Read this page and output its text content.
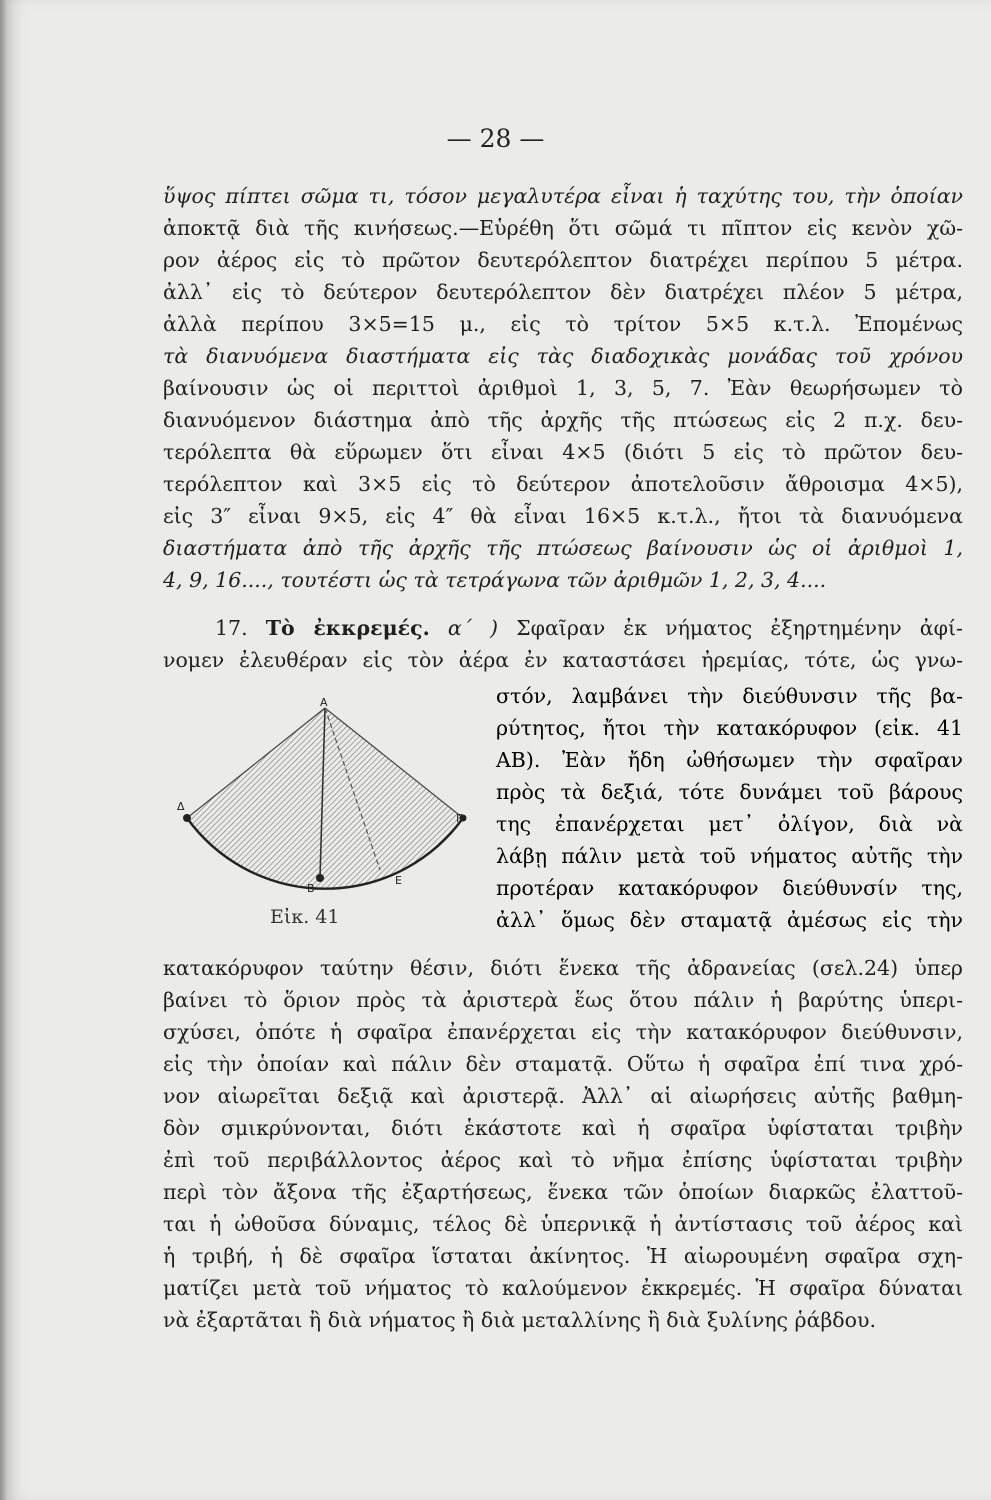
— 28 —
ὕψος πίπτει σῶμα τι, τόσον μεγαλυτέρα εἶναι ἡ ταχύτης του, τὴν ὁποίαν
ἀποκτᾷ διὰ τῆς κινήσεως.—Εὑρέθη ὅτι σῶμά τι πῖπτον εἰς κενὸν χῶ-
ρον ἀέρος εἰς τὸ πρῶτον δευτερόλεπτον διατρέχει περίπου 5 μέτρα.
ἀλλ᾽ εἰς τὸ δεύτερον δευτερόλεπτον δὲν διατρέχει πλέον 5 μέτρα,
ἀλλὰ περίπου 3×5=15 μ., εἰς τὸ τρίτον 5×5 κ.τ.λ. Ἐπομένως
τὰ διανυόμενα διαστήματα εἰς τὰς διαδοχικὰς μονάδας τοῦ χρόνου
βαίνουσιν ὡς οἱ περιττοὶ ἀριθμοὶ 1, 3, 5, 7. Ἐὰν θεωρήσωμεν τὸ
διανυόμενον διάστημα ἀπὸ τῆς ἀρχῆς τῆς πτώσεως εἰς 2 π.χ. δευ-
τερόλεπτα θὰ εὕρωμεν ὅτι εἶναι 4×5 (διότι 5 εἰς τὸ πρῶτον δευ-
τερόλεπτον καὶ 3×5 εἰς τὸ δεύτερον ἀποτελοῦσιν ἄθροισμα 4×5),
εἰς 3″ εἶναι 9×5, εἰς 4″ θὰ εἶναι 16×5 κ.τ.λ., ἤτοι τὰ διανυόμενα
διαστήματα ἀπὸ τῆς ἀρχῆς τῆς πτώσεως βαίνουσιν ὡς οἱ ἀριθμοὶ 1,
4, 9, 16...., τουτέστι ὡς τὰ τετράγωνα τῶν ἀριθμῶν 1, 2, 3, 4....
17. Τὸ ἐκκρεμές. α΄ ) Σφαῖραν ἐκ νήματος ἐξηρτημένην ἀφί-
νομεν ἐλευθέραν εἰς τὸν ἀέρα ἐν καταστάσει ἠρεμίας, τότε, ὡς γνω-
στόν, λαμβάνει τὴν διεύθυνσιν τῆς βα-
ρύτητος, ἤτοι τὴν κατακόρυφον (εἰκ. 41
ΑΒ). Ἐὰν ἤδη ὠθήσωμεν τὴν σφαῖραν
πρὸς τὰ δεξιά, τότε δυνάμει τοῦ βάρους
της ἐπανέρχεται μετ᾽ ὀλίγον, διὰ νὰ
λάβῃ πάλιν μετὰ τοῦ νήματος αὐτῆς τὴν
προτέραν κατακόρυφον διεύθυνσίν της,
ἀλλ᾽ ὅμως δὲν σταματᾷ ἀμέσως εἰς τὴν
Α
Δ
Γ
Β
Ε
Εἰκ. 41
κατακόρυφον ταύτην θέσιν, διότι ἕνεκα τῆς ἀδρανείας (σελ.24) ὑπερ
βαίνει τὸ ὅριον πρὸς τὰ ἀριστερὰ ἕως ὅτου πάλιν ἡ βαρύτης ὑπερι-
σχύσει, ὁπότε ἡ σφαῖρα ἐπανέρχεται εἰς τὴν κατακόρυφον διεύθυνσιν,
εἰς τὴν ὁποίαν καὶ πάλιν δὲν σταματᾷ. Οὕτω ἡ σφαῖρα ἐπί τινα χρό-
νον αἰωρεῖται δεξιᾷ καὶ ἀριστερᾷ. Ἀλλ᾽ αἱ αἰωρήσεις αὐτῆς βαθμη-
δὸν σμικρύνονται, διότι ἑκάστοτε καὶ ἡ σφαῖρα ὑφίσταται τριβὴν
ἐπὶ τοῦ περιβάλλοντος ἀέρος καὶ τὸ νῆμα ἐπίσης ὑφίσταται τριβὴν
περὶ τὸν ἄξονα τῆς ἐξαρτήσεως, ἕνεκα τῶν ὁποίων διαρκῶς ἐλαττοῦ-
ται ἡ ὠθοῦσα δύναμις, τέλος δὲ ὑπερνικᾷ ἡ ἀντίστασις τοῦ ἀέρος καὶ
ἡ τριβή, ἡ δὲ σφαῖρα ἵσταται ἀκίνητος. Ἡ αἰωρουμένη σφαῖρα σχη-
ματίζει μετὰ τοῦ νήματος τὸ καλούμενον ἐκκρεμές. Ἡ σφαῖρα δύναται
νὰ ἐξαρτᾶται ἢ διὰ νήματος ἢ διὰ μεταλλίνης ἢ διὰ ξυλίνης ῥάβδου.
